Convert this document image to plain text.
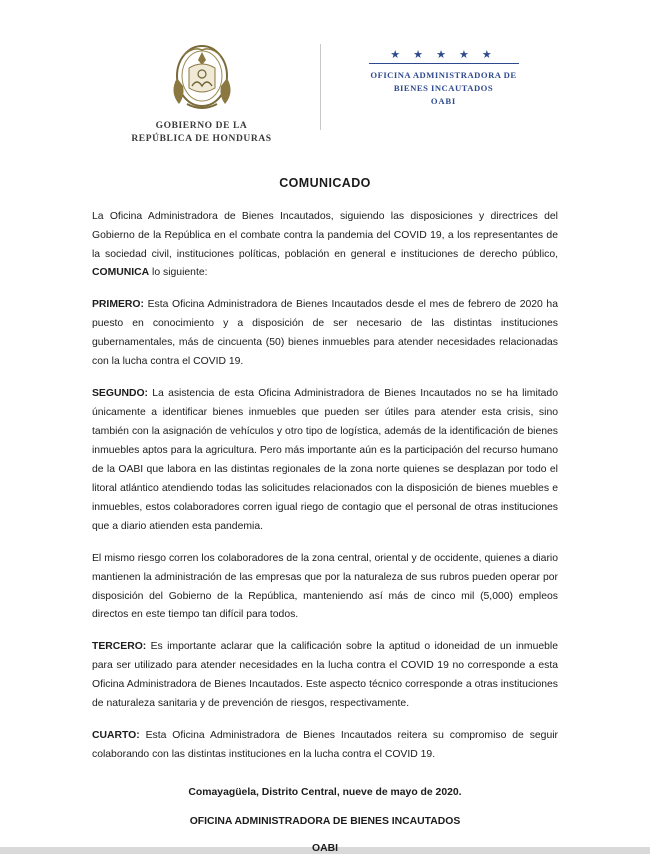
GOBIERNO DE LA
REPÚBLICA DE HONDURAS
★ ★ ★ ★ ★
OFICINA ADMINISTRADORA DE
BIENES INCAUTADOS
OABI
COMUNICADO

La Oficina Administradora de Bienes Incautados, siguiendo las disposiciones y directrices del Gobierno de la República en el combate contra la pandemia del COVID 19, a los representantes de la sociedad civil, instituciones políticas, población en general e instituciones de derecho público, COMUNICA lo siguiente:

PRIMERO: Esta Oficina Administradora de Bienes Incautados desde el mes de febrero de 2020 ha puesto en conocimiento y a disposición de ser necesario de las distintas instituciones gubernamentales, más de cincuenta (50) bienes inmuebles para atender necesidades relacionadas con la lucha contra el COVID 19.

SEGUNDO: La asistencia de esta Oficina Administradora de Bienes Incautados no se ha limitado únicamente a identificar bienes inmuebles que pueden ser útiles para atender esta crisis, sino también con la asignación de vehículos y otro tipo de logística, además de la identificación de bienes inmuebles aptos para la agricultura. Pero más importante aún es la participación del recurso humano de la OABI que labora en las distintas regionales de la zona norte quienes se desplazan por todo el litoral atlántico atendiendo todas las solicitudes relacionados con la disposición de bienes muebles e inmuebles, estos colaboradores corren igual riego de contagio que el personal de otras instituciones que a diario atienden esta pandemia.

El mismo riesgo corren los colaboradores de la zona central, oriental y de occidente, quienes a diario mantienen la administración de las empresas que por la naturaleza de sus rubros pueden operar por disposición del Gobierno de la República, manteniendo así más de cinco mil (5,000) empleos directos en este tiempo tan difícil para todos.

TERCERO: Es importante aclarar que la calificación sobre la aptitud o idoneidad de un inmueble para ser utilizado para atender necesidades en la lucha contra el COVID 19 no corresponde a esta Oficina Administradora de Bienes Incautados. Este aspecto técnico corresponde a otras instituciones de naturaleza sanitaria y de prevención de riesgos, respectivamente.

CUARTO: Esta Oficina Administradora de Bienes Incautados reitera su compromiso de seguir colaborando con las distintas instituciones en la lucha contra el COVID 19.

Comayagüela, Distrito Central, nueve de mayo de 2020.
OFICINA ADMINISTRADORA DE BIENES INCAUTADOS
OABI
